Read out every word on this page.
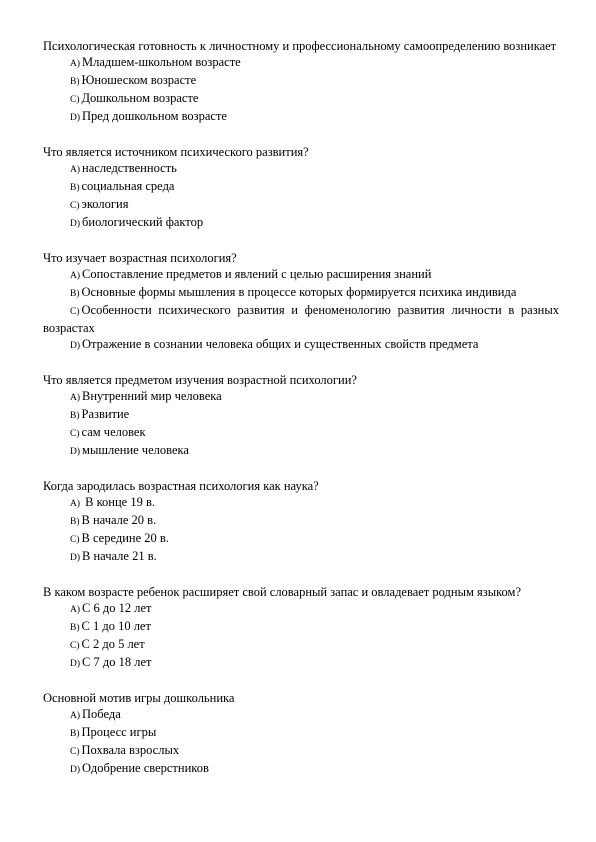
Психологическая готовность к личностному и профессиональному самоопределению возникает

A) Младшем-школьном возрасте

B) Юношеском возрасте

C) Дошкольном возрасте

D) Пред дошкольном возрасте

Что является источником психического развития?

A) наследственность

B) социальная среда

C) экология

D) биологический фактор

Что изучает возрастная психология?

A) Сопоставление предметов и явлений с целью расширения знаний

B) Основные формы мышления в процессе которых формируется психика индивида

C) Особенности психического развития и феноменологию развития личности в разных возрастах

D) Отражение в сознании человека общих и существенных свойств предмета

Что является предметом изучения возрастной психологии?

A) Внутренний мир человека

B) Развитие

C) сам человек

D) мышление человека

Когда зародилась возрастная психология как наука?

A) В конце 19 в.

B) В начале 20 в.

C) В середине 20 в.

D) В начале 21 в.

В каком возрасте ребенок расширяет свой словарный запас и овладевает родным языком?

A) С 6 до 12 лет

B) С 1 до 10 лет

C) С 2 до 5 лет

D) С 7 до 18 лет

Основной мотив игры дошкольника

A) Победа

B) Процесс игры

C) Похвала взрослых

D) Одобрение сверстников
